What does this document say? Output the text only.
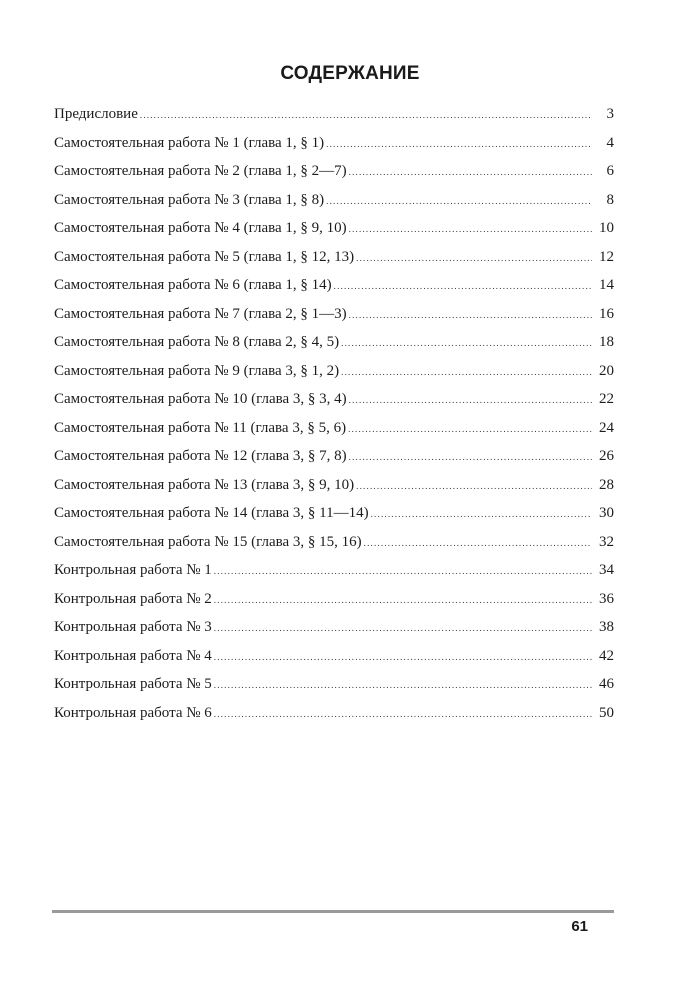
СОДЕРЖАНИЕ
Предисловие .....	3
Самостоятельная работа № 1 (глава 1, § 1) .....	4
Самостоятельная работа № 2 (глава 1, § 2—7) .....	6
Самостоятельная работа № 3 (глава 1, § 8) .....	8
Самостоятельная работа № 4 (глава 1, § 9, 10) .....	10
Самостоятельная работа № 5 (глава 1, § 12, 13) .....	12
Самостоятельная работа № 6 (глава 1, § 14) .....	14
Самостоятельная работа № 7 (глава 2, § 1—3) .....	16
Самостоятельная работа № 8 (глава 2, § 4, 5) .....	18
Самостоятельная работа № 9 (глава 3, § 1, 2) .....	20
Самостоятельная работа № 10 (глава 3, § 3, 4) .....	22
Самостоятельная работа № 11 (глава 3, § 5, 6) .....	24
Самостоятельная работа № 12 (глава 3, § 7, 8) .....	26
Самостоятельная работа № 13 (глава 3, § 9, 10) .....	28
Самостоятельная работа № 14 (глава 3, § 11—14) .....	30
Самостоятельная работа № 15 (глава 3, § 15, 16) .....	32
Контрольная работа № 1 .....	34
Контрольная работа № 2 .....	36
Контрольная работа № 3 .....	38
Контрольная работа № 4 .....	42
Контрольная работа № 5 .....	46
Контрольная работа № 6 .....	50
61
